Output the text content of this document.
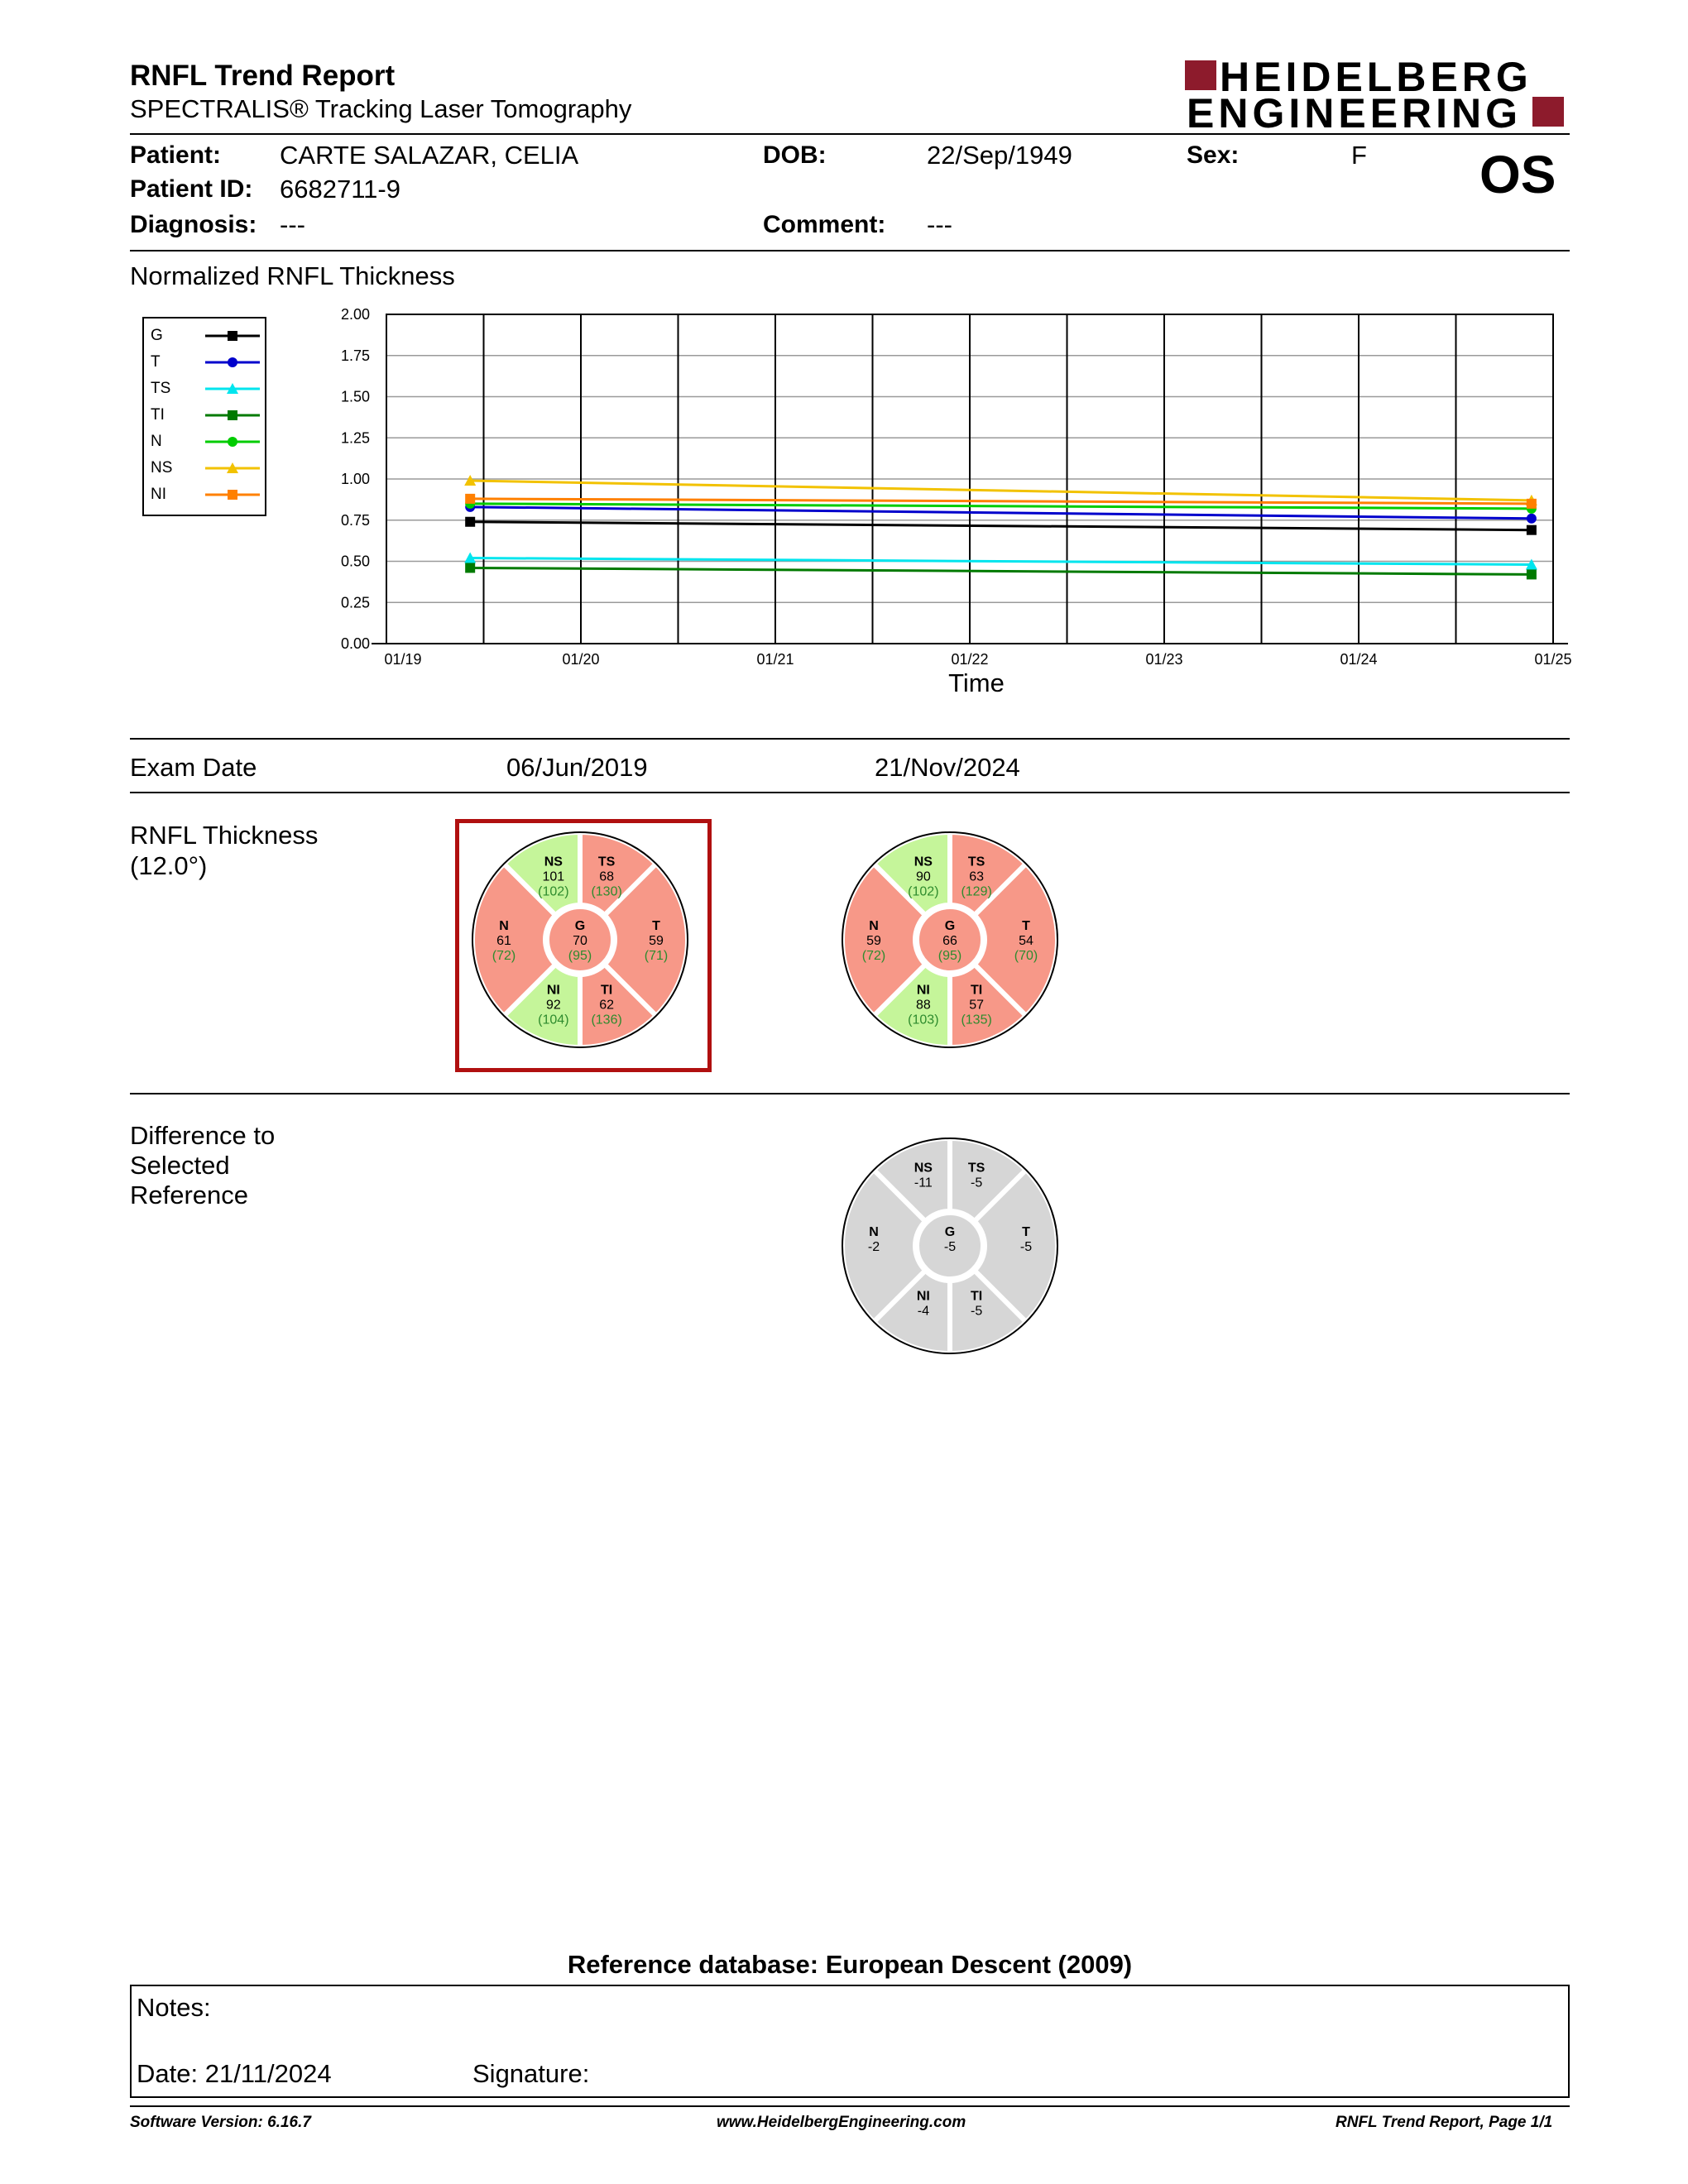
RNFL Trend Report
SPECTRALIS® Tracking Laser Tomography
HEIDELBERG
ENGINEERING
Patient: CARTE SALAZAR, CELIA
Patient ID: 6682711-9
Diagnosis: ---
DOB:	22/Sep/1949
Comment: ---
Sex:	F OS
Normalized RNFL Thickness
G
T
TS
TI
N
NS
NI
0.00
0.25
0.50
0.75
1.00
1.25
1.50
1.75
2.00
01/19	01/20	01/21	01/22	01/23	01/24	01/25
Time
Exam Date	06/Jun/2019	21/Nov/2024
RNFL Thickness
(12.0°)	TS
68
(130)
T
59
(71)
TI
62
(136)
NI
92
(104)
N
61
(72)
NS
101
(102)
G
70
(95)
TS
63
(129)
T
54
(70)
TI
57
(135)
NI
88
(103)
N
59
(72)
NS
90
(102)
G
66
(95)
Difference to
Selected
Reference
TS
-5
T
-5
TI
-5
NI
-4
N
-2
NS
-11
G
-5
Reference database: European Descent (2009)
Notes:
Date: 21/11/2024	Signature:
Software Version: 6.16.7	www.HeidelbergEngineering.com	RNFL Trend Report, Page 1/1
